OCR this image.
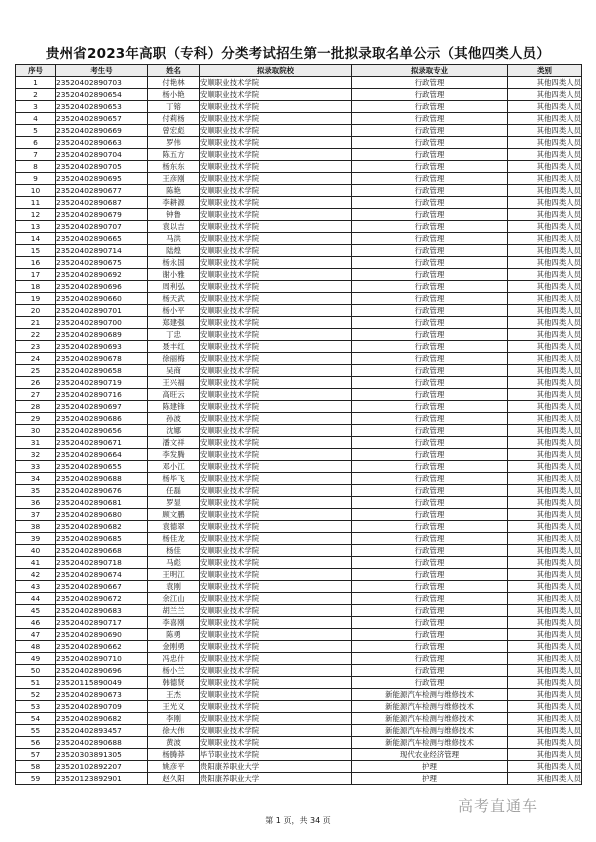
贵州省2023年高职（专科）分类考试招生第一批拟录取名单公示（其他四类人员）
序号	考生号	姓名	拟录取院校	拟录取专业	类别
1	23520402890703	付艳林	安顺职业技术学院	行政管理	其他四类人员
2	23520402890654	杨小艳	安顺职业技术学院	行政管理	其他四类人员
3	23520402890653	丁镕	安顺职业技术学院	行政管理	其他四类人员
4	23520402890657	付莉杨	安顺职业技术学院	行政管理	其他四类人员
5	23520402890669	曾宏彪	安顺职业技术学院	行政管理	其他四类人员
6	23520402890663	罗伟	安顺职业技术学院	行政管理	其他四类人员
7	23520402890704	陈五方	安顺职业技术学院	行政管理	其他四类人员
8	23520402890705	杨东东	安顺职业技术学院	行政管理	其他四类人员
9	23520402890695	王彦刚	安顺职业技术学院	行政管理	其他四类人员
10	23520402890677	陈艳	安顺职业技术学院	行政管理	其他四类人员
11	23520402890687	李耕源	安顺职业技术学院	行政管理	其他四类人员
12	23520402890679	钟鲁	安顺职业技术学院	行政管理	其他四类人员
13	23520402890707	袁以吉	安顺职业技术学院	行政管理	其他四类人员
14	23520402890665	马洪	安顺职业技术学院	行政管理	其他四类人员
15	23520402890714	陆煌	安顺职业技术学院	行政管理	其他四类人员
16	23520402890675	杨永国	安顺职业技术学院	行政管理	其他四类人员
17	23520402890692	谢小雅	安顺职业技术学院	行政管理	其他四类人员
18	23520402890696	周利弘	安顺职业技术学院	行政管理	其他四类人员
19	23520402890660	杨天武	安顺职业技术学院	行政管理	其他四类人员
20	23520402890701	杨小平	安顺职业技术学院	行政管理	其他四类人员
21	23520402890700	郑建强	安顺职业技术学院	行政管理	其他四类人员
22	23520402890689	丁忠	安顺职业技术学院	行政管理	其他四类人员
23	23520402890693	聂丰红	安顺职业技术学院	行政管理	其他四类人员
24	23520402890678	徐丽梅	安顺职业技术学院	行政管理	其他四类人员
25	23520402890658	吴商	安顺职业技术学院	行政管理	其他四类人员
26	23520402890719	王兴福	安顺职业技术学院	行政管理	其他四类人员
27	23520402890716	高旺云	安顺职业技术学院	行政管理	其他四类人员
28	23520402890697	陈建锋	安顺职业技术学院	行政管理	其他四类人员
29	23520402890686	孙波	安顺职业技术学院	行政管理	其他四类人员
30	23520402890656	沈娜	安顺职业技术学院	行政管理	其他四类人员
31	23520402890671	潘文祥	安顺职业技术学院	行政管理	其他四类人员
32	23520402890664	李发腾	安顺职业技术学院	行政管理	其他四类人员
33	23520402890655	邓小江	安顺职业技术学院	行政管理	其他四类人员
34	23520402890688	杨毕飞	安顺职业技术学院	行政管理	其他四类人员
35	23520402890676	任磊	安顺职业技术学院	行政管理	其他四类人员
36	23520402890681	罗显	安顺职业技术学院	行政管理	其他四类人员
37	23520402890680	顾文鹏	安顺职业技术学院	行政管理	其他四类人员
38	23520402890682	袁德翠	安顺职业技术学院	行政管理	其他四类人员
39	23520402890685	杨佳龙	安顺职业技术学院	行政管理	其他四类人员
40	23520402890668	杨佳	安顺职业技术学院	行政管理	其他四类人员
41	23520402890718	马彪	安顺职业技术学院	行政管理	其他四类人员
42	23520402890674	王明江	安顺职业技术学院	行政管理	其他四类人员
43	23520402890667	袁刚	安顺职业技术学院	行政管理	其他四类人员
44	23520402890672	余江山	安顺职业技术学院	行政管理	其他四类人员
45	23520402890683	胡兰兰	安顺职业技术学院	行政管理	其他四类人员
46	23520402890717	李喜刚	安顺职业技术学院	行政管理	其他四类人员
47	23520402890690	陈勇	安顺职业技术学院	行政管理	其他四类人员
48	23520402890662	金刚勇	安顺职业技术学院	行政管理	其他四类人员
49	23520402890710	冯忠什	安顺职业技术学院	行政管理	其他四类人员
50	23520402890696	杨小兰	安顺职业技术学院	行政管理	其他四类人员
51	23520115890049	韩德贤	安顺职业技术学院	行政管理	其他四类人员
52	23520402890673	王杰	安顺职业技术学院	新能源汽车检测与维修技术	其他四类人员
53	23520402890709	王光义	安顺职业技术学院	新能源汽车检测与维修技术	其他四类人员
54	23520402890682	李刚	安顺职业技术学院	新能源汽车检测与维修技术	其他四类人员
55	23520402893457	徐大伟	安顺职业技术学院	新能源汽车检测与维修技术	其他四类人员
56	23520402890688	黄波	安顺职业技术学院	新能源汽车检测与维修技术	其他四类人员
57	23520303891305	杨腾莽	毕节职业技术学院	现代农业经济管理	其他四类人员
58	23520102892207	姚彦平	贵阳康养职业大学	护理	其他四类人员
59	23520123892901	赵久阳	贵阳康养职业大学	护理	其他四类人员
第 1 页，共 34 页
高考直通车
